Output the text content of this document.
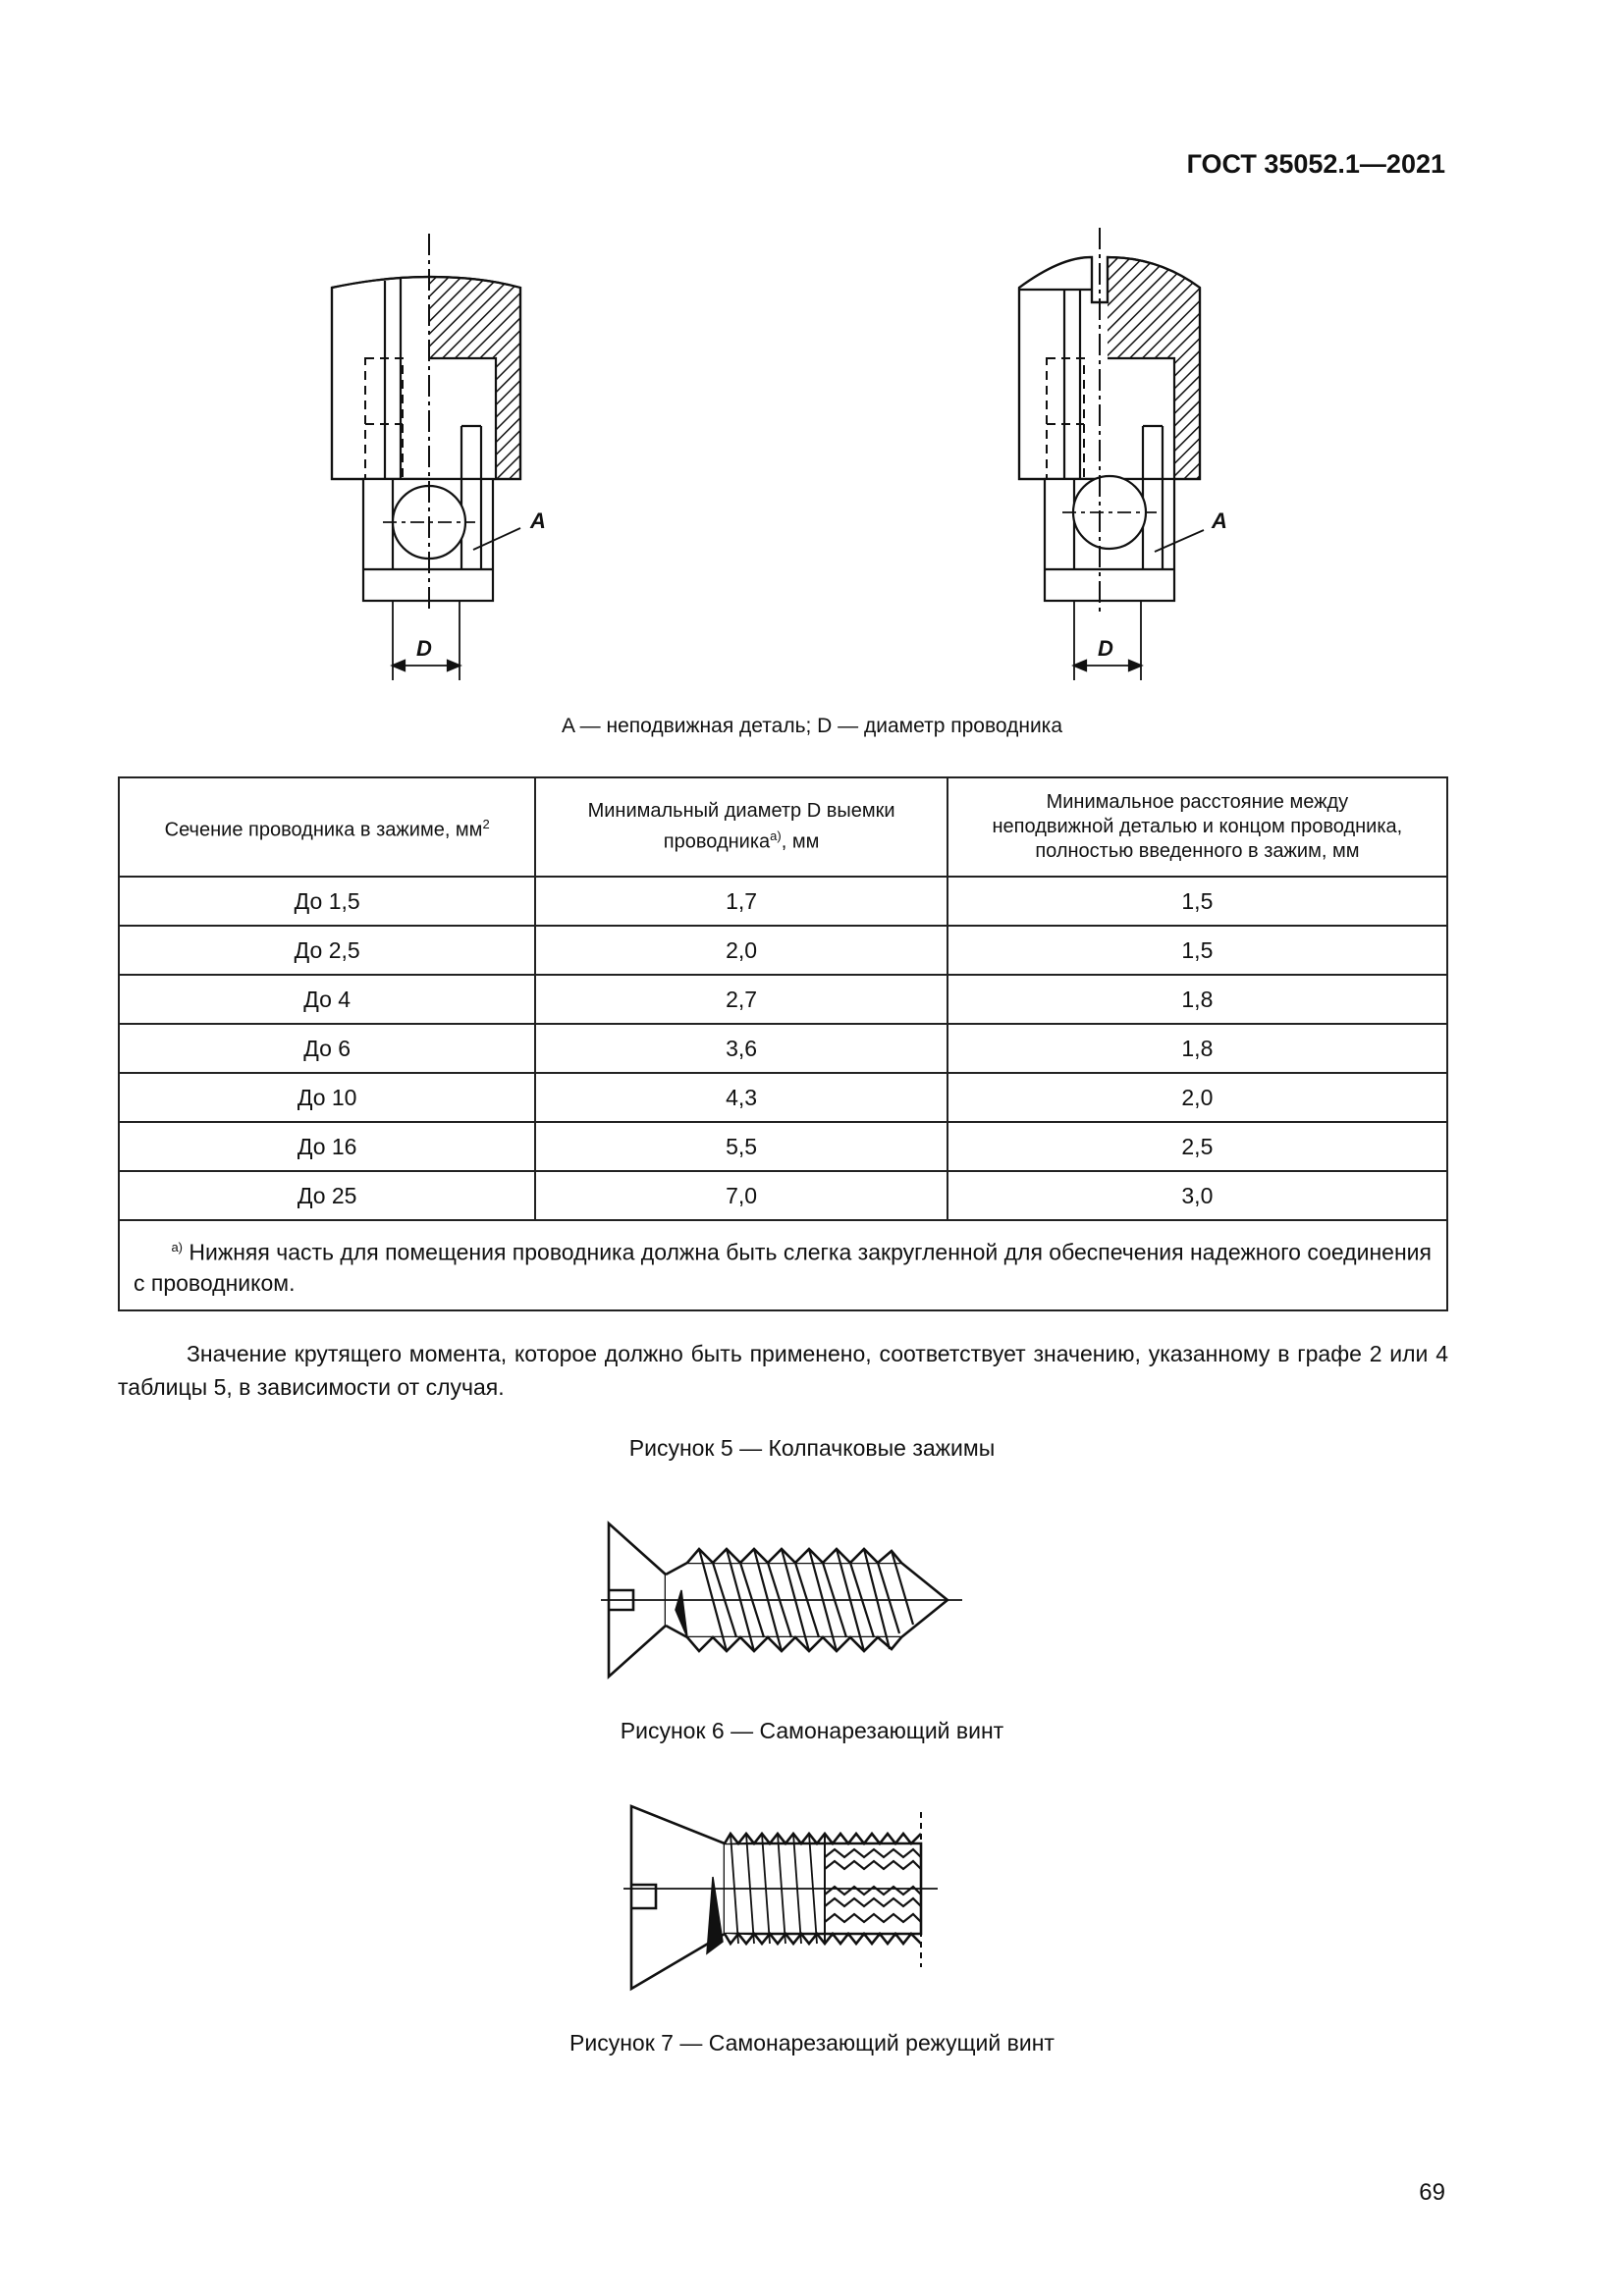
ГОСТ 35052.1—2021
A
D
A
D
A — неподвижная деталь; D — диаметр проводника
Сечение проводника в зажиме, $мм^2$	Минимальный диаметр D выемки
проводника$^{а)}$, мм	Минимальное расстояние между
неподвижной деталью и концом проводника,
полностью введенного в зажим, мм
До 1,5	1,7	1,5
До 2,5	2,0	1,5
До 4	2,7	1,8
До 6	3,6	1,8
До 10	4,3	2,0
До 16	5,5	2,5
До 25	7,0	3,0
$^{а)}$ Нижняя часть для помещения проводника должна быть слегка закругленной для обеспечения надежного соединения с проводником.		
Значение крутящего момента, которое должно быть применено, соответствует значению, указанному в графе 2 или 4 таблицы 5, в зависимости от случая.
Рисунок 5 — Колпачковые зажимы
Рисунок 6 — Самонарезающий винт
Рисунок 7 — Самонарезающий режущий винт
69
